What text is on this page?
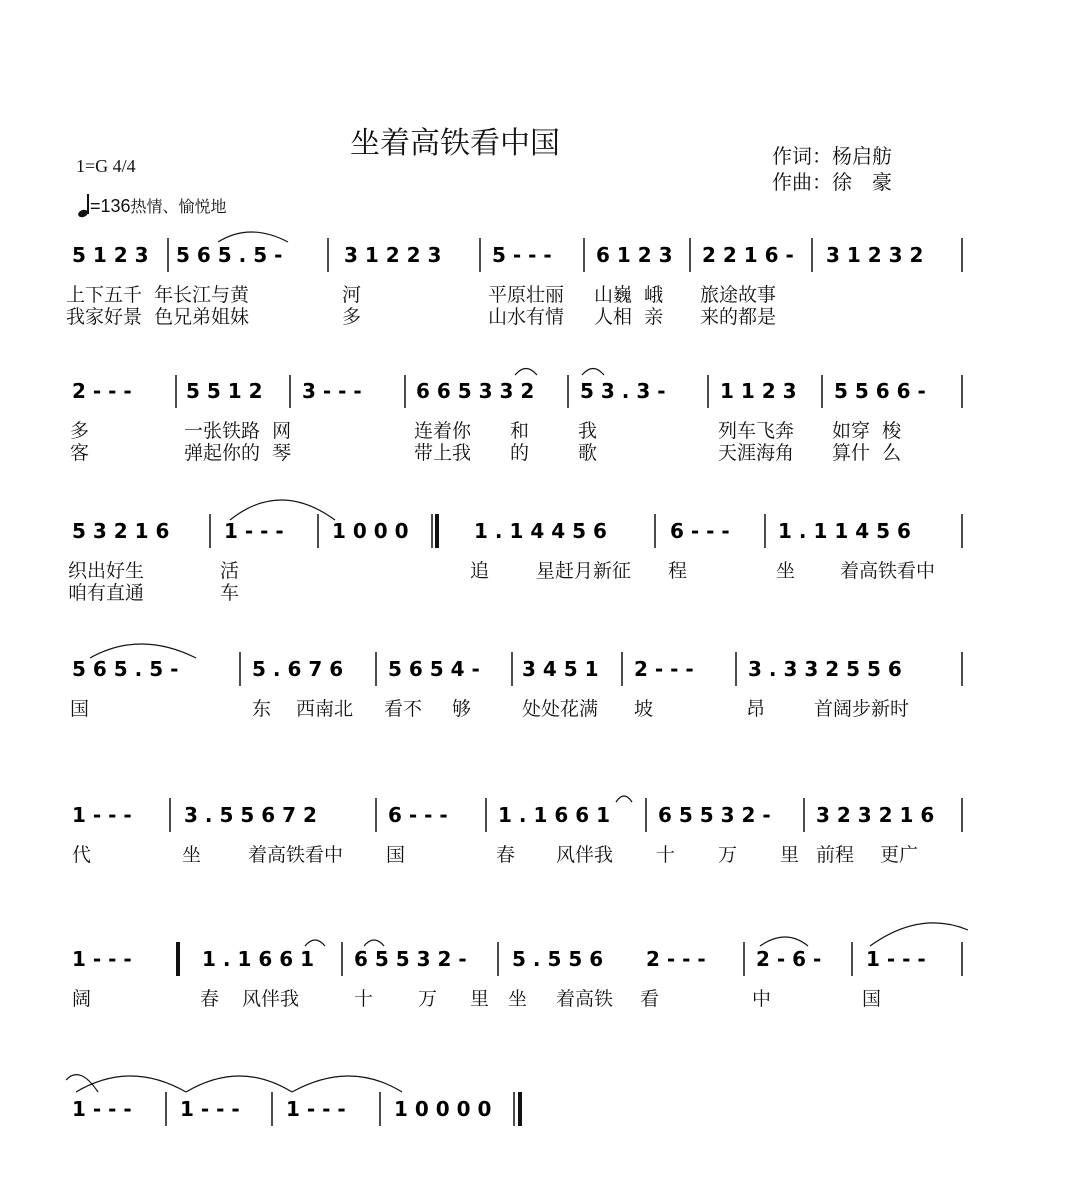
坐着高铁看中国
1=G 4/4
=136热情、愉悦地
作词：杨启舫
作曲：徐　豪
5 1 2 3 5 6 5 . 5 -	3 1 2 2 3	5 - - - 6 1 2 3 2 2 1 6 - 3 1 2 3 2
2 - - -	5 5 1 2 3 - - -	6 6 5 3 3 2 5 3 . 3 -	1 1 2 3 5 5 6 6 -
5 3 2 1 6	1 - - - 1 0 0 0	1 . 1 4 4 5 6	6 - - - 1 . 1 1 4 5 6
5 6 5 . 5 -	5 . 6 7 6 5 6 5 4 - 3 4 5 1 2 - - -	3 . 3 3 2 5 5 6
1 - - -	3 . 5 5 6 7 2	6 - - -	1 . 1 6 6 1 6 5 5 3 2 - 3 2 3 2 1 6
1 - - -	1 . 1 6 6 1 6 5 5 3 2 - 5 . 5 5 6 2 - - -	2 - 6 - 1 - - -
1 - - - 1 - - - 1 - - - 1 0 0 0 0
上下五千  年 长江与黄	河	平原壮丽 山巍  峨 旅途故事
我家好景  色 兄弟姐妹	多	山水有情 人相  亲 来的都是
多	一张铁路  网	连着你 和	我	列车飞奔 如穿  梭
客	弹起你的  琴	带上我 的	歌	天涯海角 算什  么
织出好生	活	追 星赶月新征 程	坐 着高铁看中
咱有直通	车
国	东 西南北 看不 够	处处花满 坡	昂	首阔步新时
代	坐 着高铁看中 国	春 风伴我 十 万 里 前程 更广
阔	春 风伴我	十 万 里 坐 着高铁 看	中	国
